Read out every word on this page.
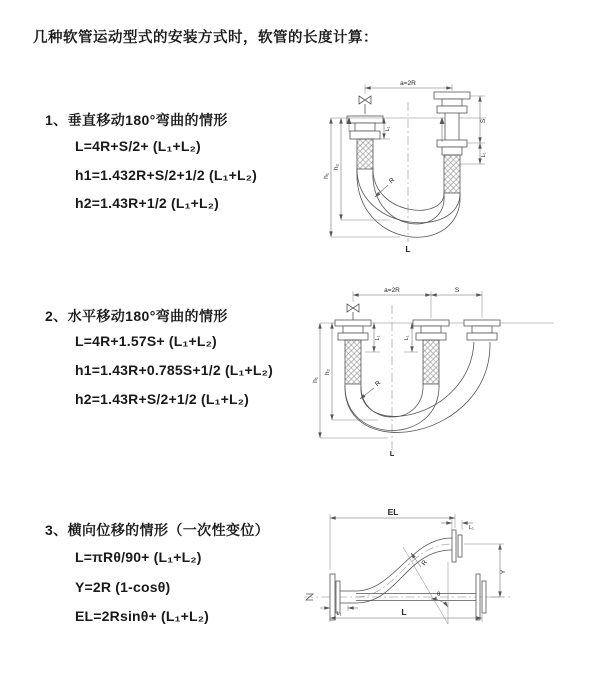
几种软管运动型式的安装方式时，软管的长度计算：
1、垂直移动180°弯曲的情形
L=4R+S/2+ (L₁+L₂)
h1=1.432R+S/2+1/2 (L₁+L₂)
h2=1.43R+1/2 (L₁+L₂)
2、水平移动180°弯曲的情形
L=4R+1.57S+ (L₁+L₂)
h1=1.43R+0.785S+1/2 (L₁+L₂)
h2=1.43R+S/2+1/2 (L₁+L₂)
3、横向位移的情形（一次性变位）
L=πRθ/90+ (L₁+L₂)
Y=2R (1-cosθ)
EL=2Rsinθ+ (L₁+L₂)
a=2R
L₁
h₁
h₂
R
S
L₁
L
a=2R	S
L₁	L₁
h₁
h₂
R
L
EL
L₁
R
θ
Y
L₁	L
